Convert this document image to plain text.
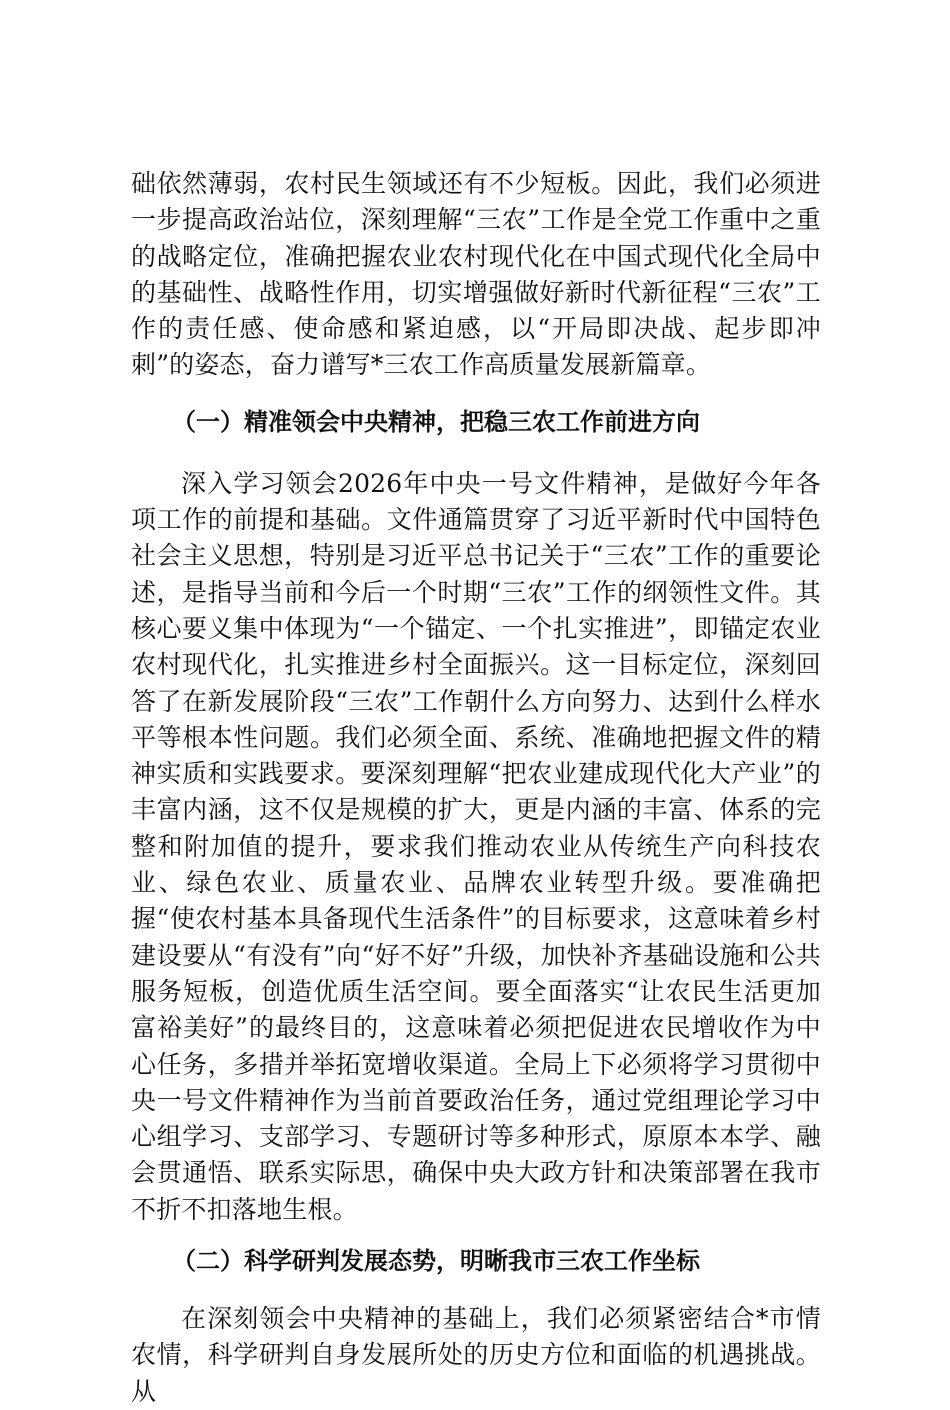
础依然薄弱，农村民生领域还有不少短板。因此，我们必须进一步提高政治站位，深刻理解“三农”工作是全党工作重中之重的战略定位，准确把握农业农村现代化在中国式现代化全局中的基础性、战略性作用，切实增强做好新时代新征程“三农”工作的责任感、使命感和紧迫感，以“开局即决战、起步即冲刺”的姿态，奋力谱写*三农工作高质量发展新篇章。

（一）精准领会中央精神，把稳三农工作前进方向

深入学习领会2026年中央一号文件精神，是做好今年各项工作的前提和基础。文件通篇贯穿了习近平新时代中国特色社会主义思想，特别是习近平总书记关于“三农”工作的重要论述，是指导当前和今后一个时期“三农”工作的纲领性文件。其核心要义集中体现为“一个锚定、一个扎实推进”，即锚定农业农村现代化，扎实推进乡村全面振兴。这一目标定位，深刻回答了在新发展阶段“三农”工作朝什么方向努力、达到什么样水平等根本性问题。我们必须全面、系统、准确地把握文件的精神实质和实践要求。要深刻理解“把农业建成现代化大产业”的丰富内涵，这不仅是规模的扩大，更是内涵的丰富、体系的完整和附加值的提升，要求我们推动农业从传统生产向科技农业、绿色农业、质量农业、品牌农业转型升级。要准确把握“使农村基本具备现代生活条件”的目标要求，这意味着乡村建设要从“有没有”向“好不好”升级，加快补齐基础设施和公共服务短板，创造优质生活空间。要全面落实“让农民生活更加富裕美好”的最终目的，这意味着必须把促进农民增收作为中心任务，多措并举拓宽增收渠道。全局上下必须将学习贯彻中央一号文件精神作为当前首要政治任务，通过党组理论学习中心组学习、支部学习、专题研讨等多种形式，原原本本学、融会贯通悟、联系实际思，确保中央大政方针和决策部署在我市不折不扣落地生根。

（二）科学研判发展态势，明晰我市三农工作坐标

在深刻领会中央精神的基础上，我们必须紧密结合*市情农情，科学研判自身发展所处的历史方位和面临的机遇挑战。从
